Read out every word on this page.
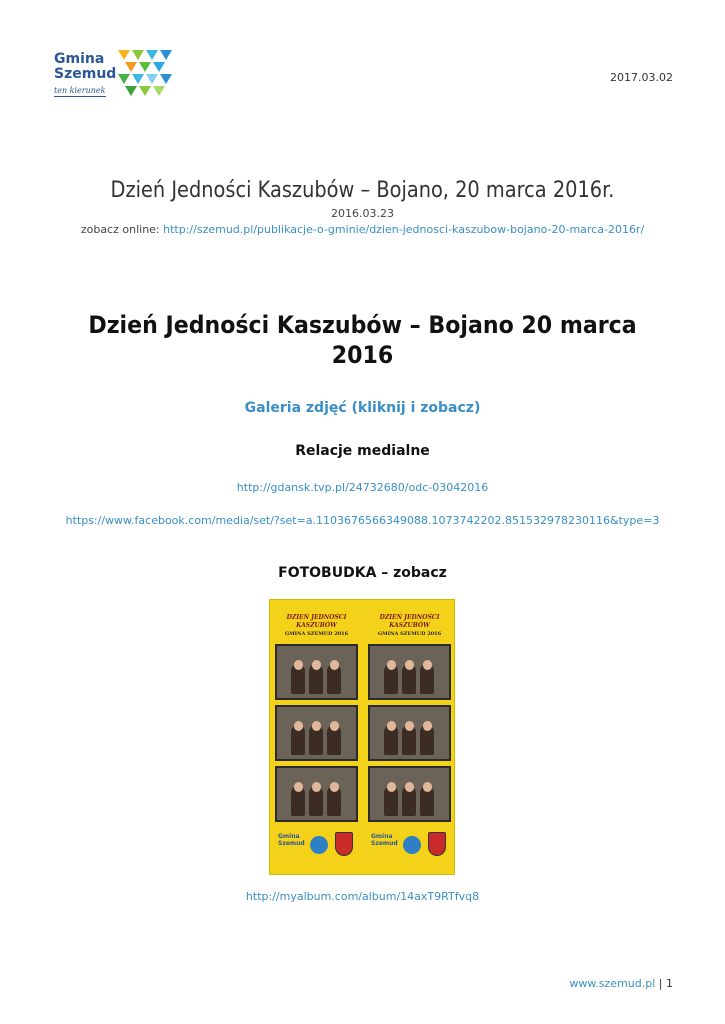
Gmina
Szemud
ten kierunek
2017.03.02
Dzień Jedności Kaszubów – Bojano, 20 marca 2016r.
2016.03.23
zobacz online: http://szemud.pl/publikacje-o-gminie/dzien-jednosci-kaszubow-bojano-20-marca-2016r/
Dzień Jedności Kaszubów – Bojano 20 marca 2016
Galeria zdjęć (kliknij i zobacz)
Relacje medialne
http://gdansk.tvp.pl/24732680/odc-03042016
https://www.facebook.com/media/set/?set=a.1103676566349088.1073742202.851532978230116&type=3
FOTOBUDKA – zobacz
DZIEŃ JEDNOŚCI
KASZUBÓW
GMINA SZEMUD 2016
Gmina
Szemud
DZIEŃ JEDNOŚCI
KASZUBÓW
GMINA SZEMUD 2016
Gmina
Szemud
http://myalbum.com/album/14axT9RTfvq8
www.szemud.pl | 1
